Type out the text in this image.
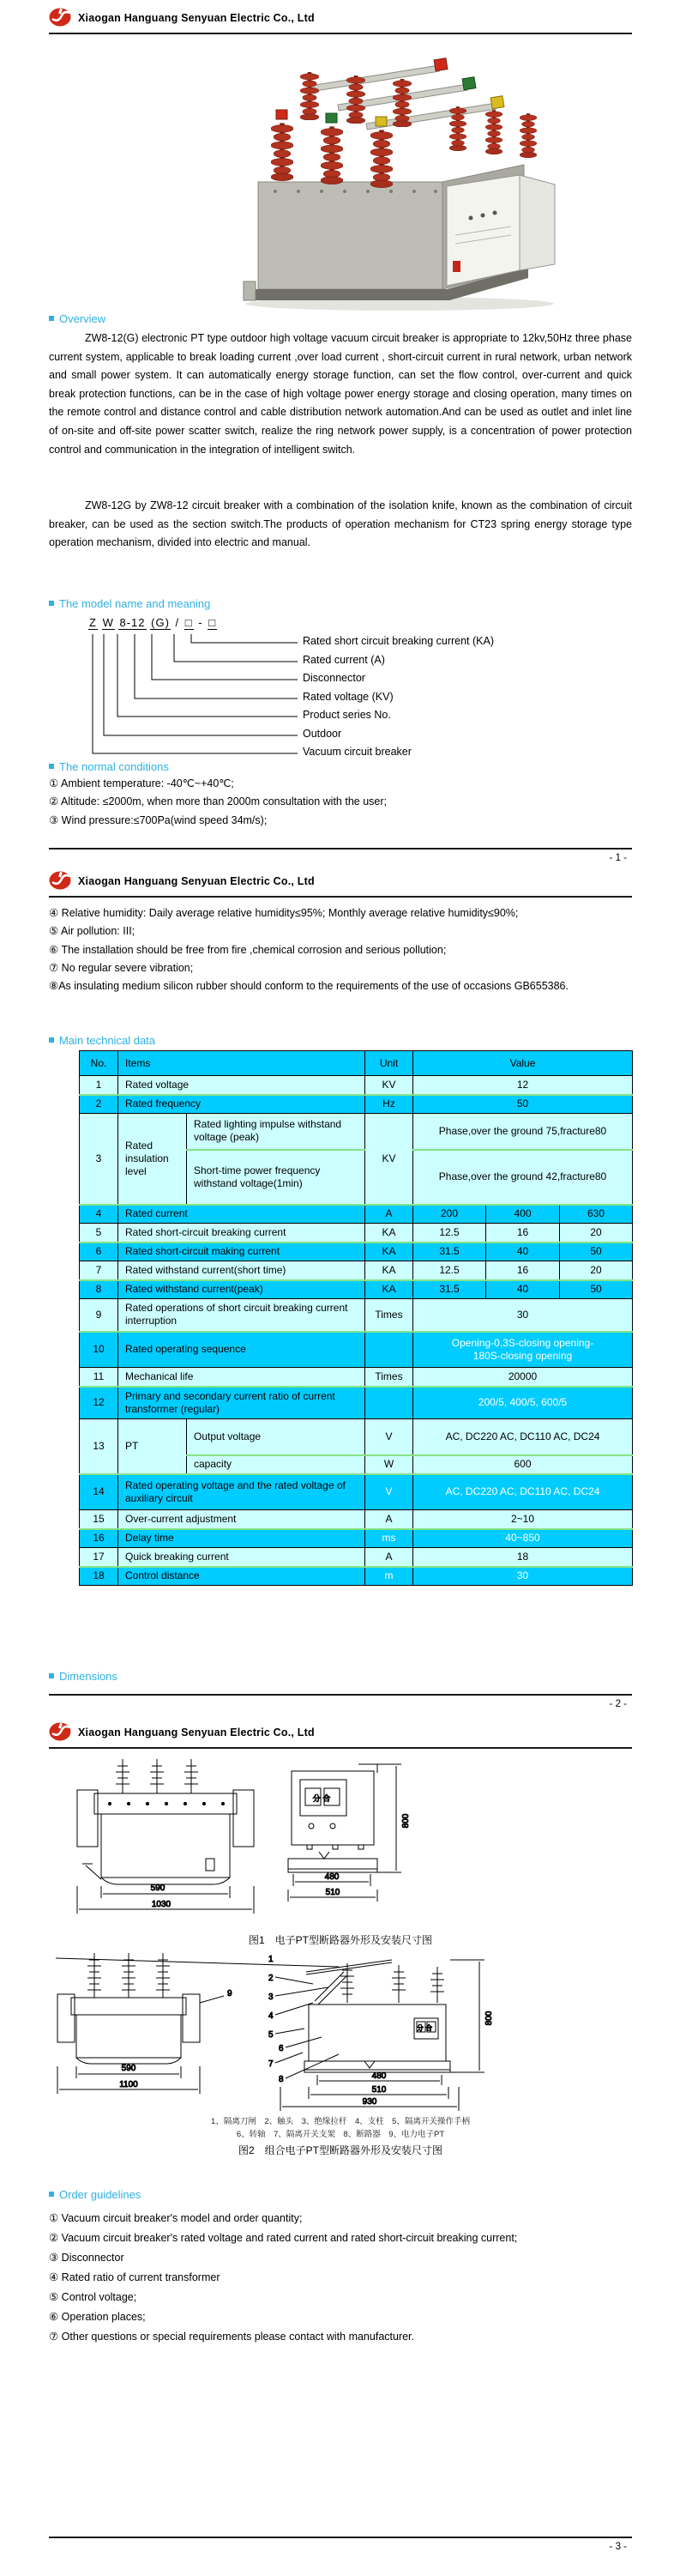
Xiaogan Hanguang Senyuan Electric Co., Ltd
Overview
ZW8-12(G) electronic PT type outdoor high voltage vacuum circuit breaker is appropriate to 12kv,50Hz three phase current system, applicable to break loading current ,over load current , short-circuit current in rural network, urban network and small power system. It can automatically energy storage function, can set the flow control, over-current and quick break protection functions, can be in the case of high voltage power energy storage and closing operation, many times on the remote control and distance control and cable distribution network automation.And can be used as outlet and inlet line of on-site and off-site power scatter switch, realize the ring network power supply, is a concentration of power protection control and communication in the integration of intelligent switch.
ZW8-12G by ZW8-12 circuit breaker with a combination of the isolation knife, known as the combination of circuit breaker, can be used as the section switch.The products of operation mechanism for CT23 spring energy storage type operation mechanism, divided into electric and manual.
The model name and meaning
Z W 8-12 (G) / □ - □
Rated short circuit breaking current (KA)
Rated current (A)
Disconnector
Rated voltage (KV)
Product series No.
Outdoor
Vacuum circuit breaker
The normal conditions
① Ambient temperature: -40℃~+40℃;
② Altitude: ≤2000m, when more than 2000m consultation with the user;
③ Wind pressure:≤700Pa(wind speed 34m/s);
- 1 -
Xiaogan Hanguang Senyuan Electric Co., Ltd
④ Relative humidity: Daily average relative humidity≤95%; Monthly average relative humidity≤90%;
⑤ Air pollution: III;
⑥ The installation should be free from fire ,chemical corrosion and serious pollution;
⑦ No regular severe vibration;
⑧As insulating medium silicon rubber should conform to the requirements of the use of occasions GB655386.
Main technical data
No.	Items		Unit	Value		
1	Rated voltage		KV	12		
2	Rated frequency		Hz	50		
3	Rated insulation level	Rated lighting impulse withstand voltage (peak)	KV	Phase,over the ground 75,fracture80		
		Short-time power frequency withstand voltage(1min)		Phase,over the ground 42,fracture80		
4	Rated current		A	200	400	630
5	Rated short-circuit breaking current		KA	12.5	16	20
6	Rated short-circuit making current		KA	31.5	40	50
7	Rated withstand current(short time)		KA	12.5	16	20
8	Rated withstand current(peak)		KA	31.5	40	50
9	Rated operations of short circuit breaking current interruption		Times	30		
10	Rated operating sequence			Opening-0.3S-closing opening-180S-closing opening		
11	Mechanical life		Times	20000		
12	Primary and secondary current ratio of current transformer (regular)			200/5, 400/5, 600/5		
13	PT	Output voltage	V	AC, DC220 AC, DC110 AC, DC24		
		capacity	W	600		
14	Rated operating voltage and the rated voltage of auxiliary circuit		V	AC, DC220 AC, DC110 AC, DC24		
15	Over-current adjustment		A	2~10		
16	Delay time		ms	40~850		
17	Quick breaking current		A	18		
18	Control distance		m	30		
Dimensions
- 2 -
Xiaogan Hanguang Senyuan Electric Co., Ltd
590
1030
分 合
480
510
800
图1　电子PT型断路器外形及安装尺寸图
590
1100
9
分 合
1
2
3
4
5
6
7
8	480
510
930
800
1、隔离刀闸　2、触头　3、绝缘拉杆　4、支柱　5、隔离开关操作手柄
6、转轴　7、隔离开关支架　8、断路器　9、电力电子PT
图2　组合电子PT型断路器外形及安装尺寸图
Order guidelines
① Vacuum circuit breaker's model and order quantity;
② Vacuum circuit breaker's rated voltage and rated current and rated short-circuit breaking current;
③ Disconnector
④ Rated ratio of current transformer
⑤ Control voltage;
⑥ Operation places;
⑦ Other questions or special requirements please contact with manufacturer.
- 3 -
